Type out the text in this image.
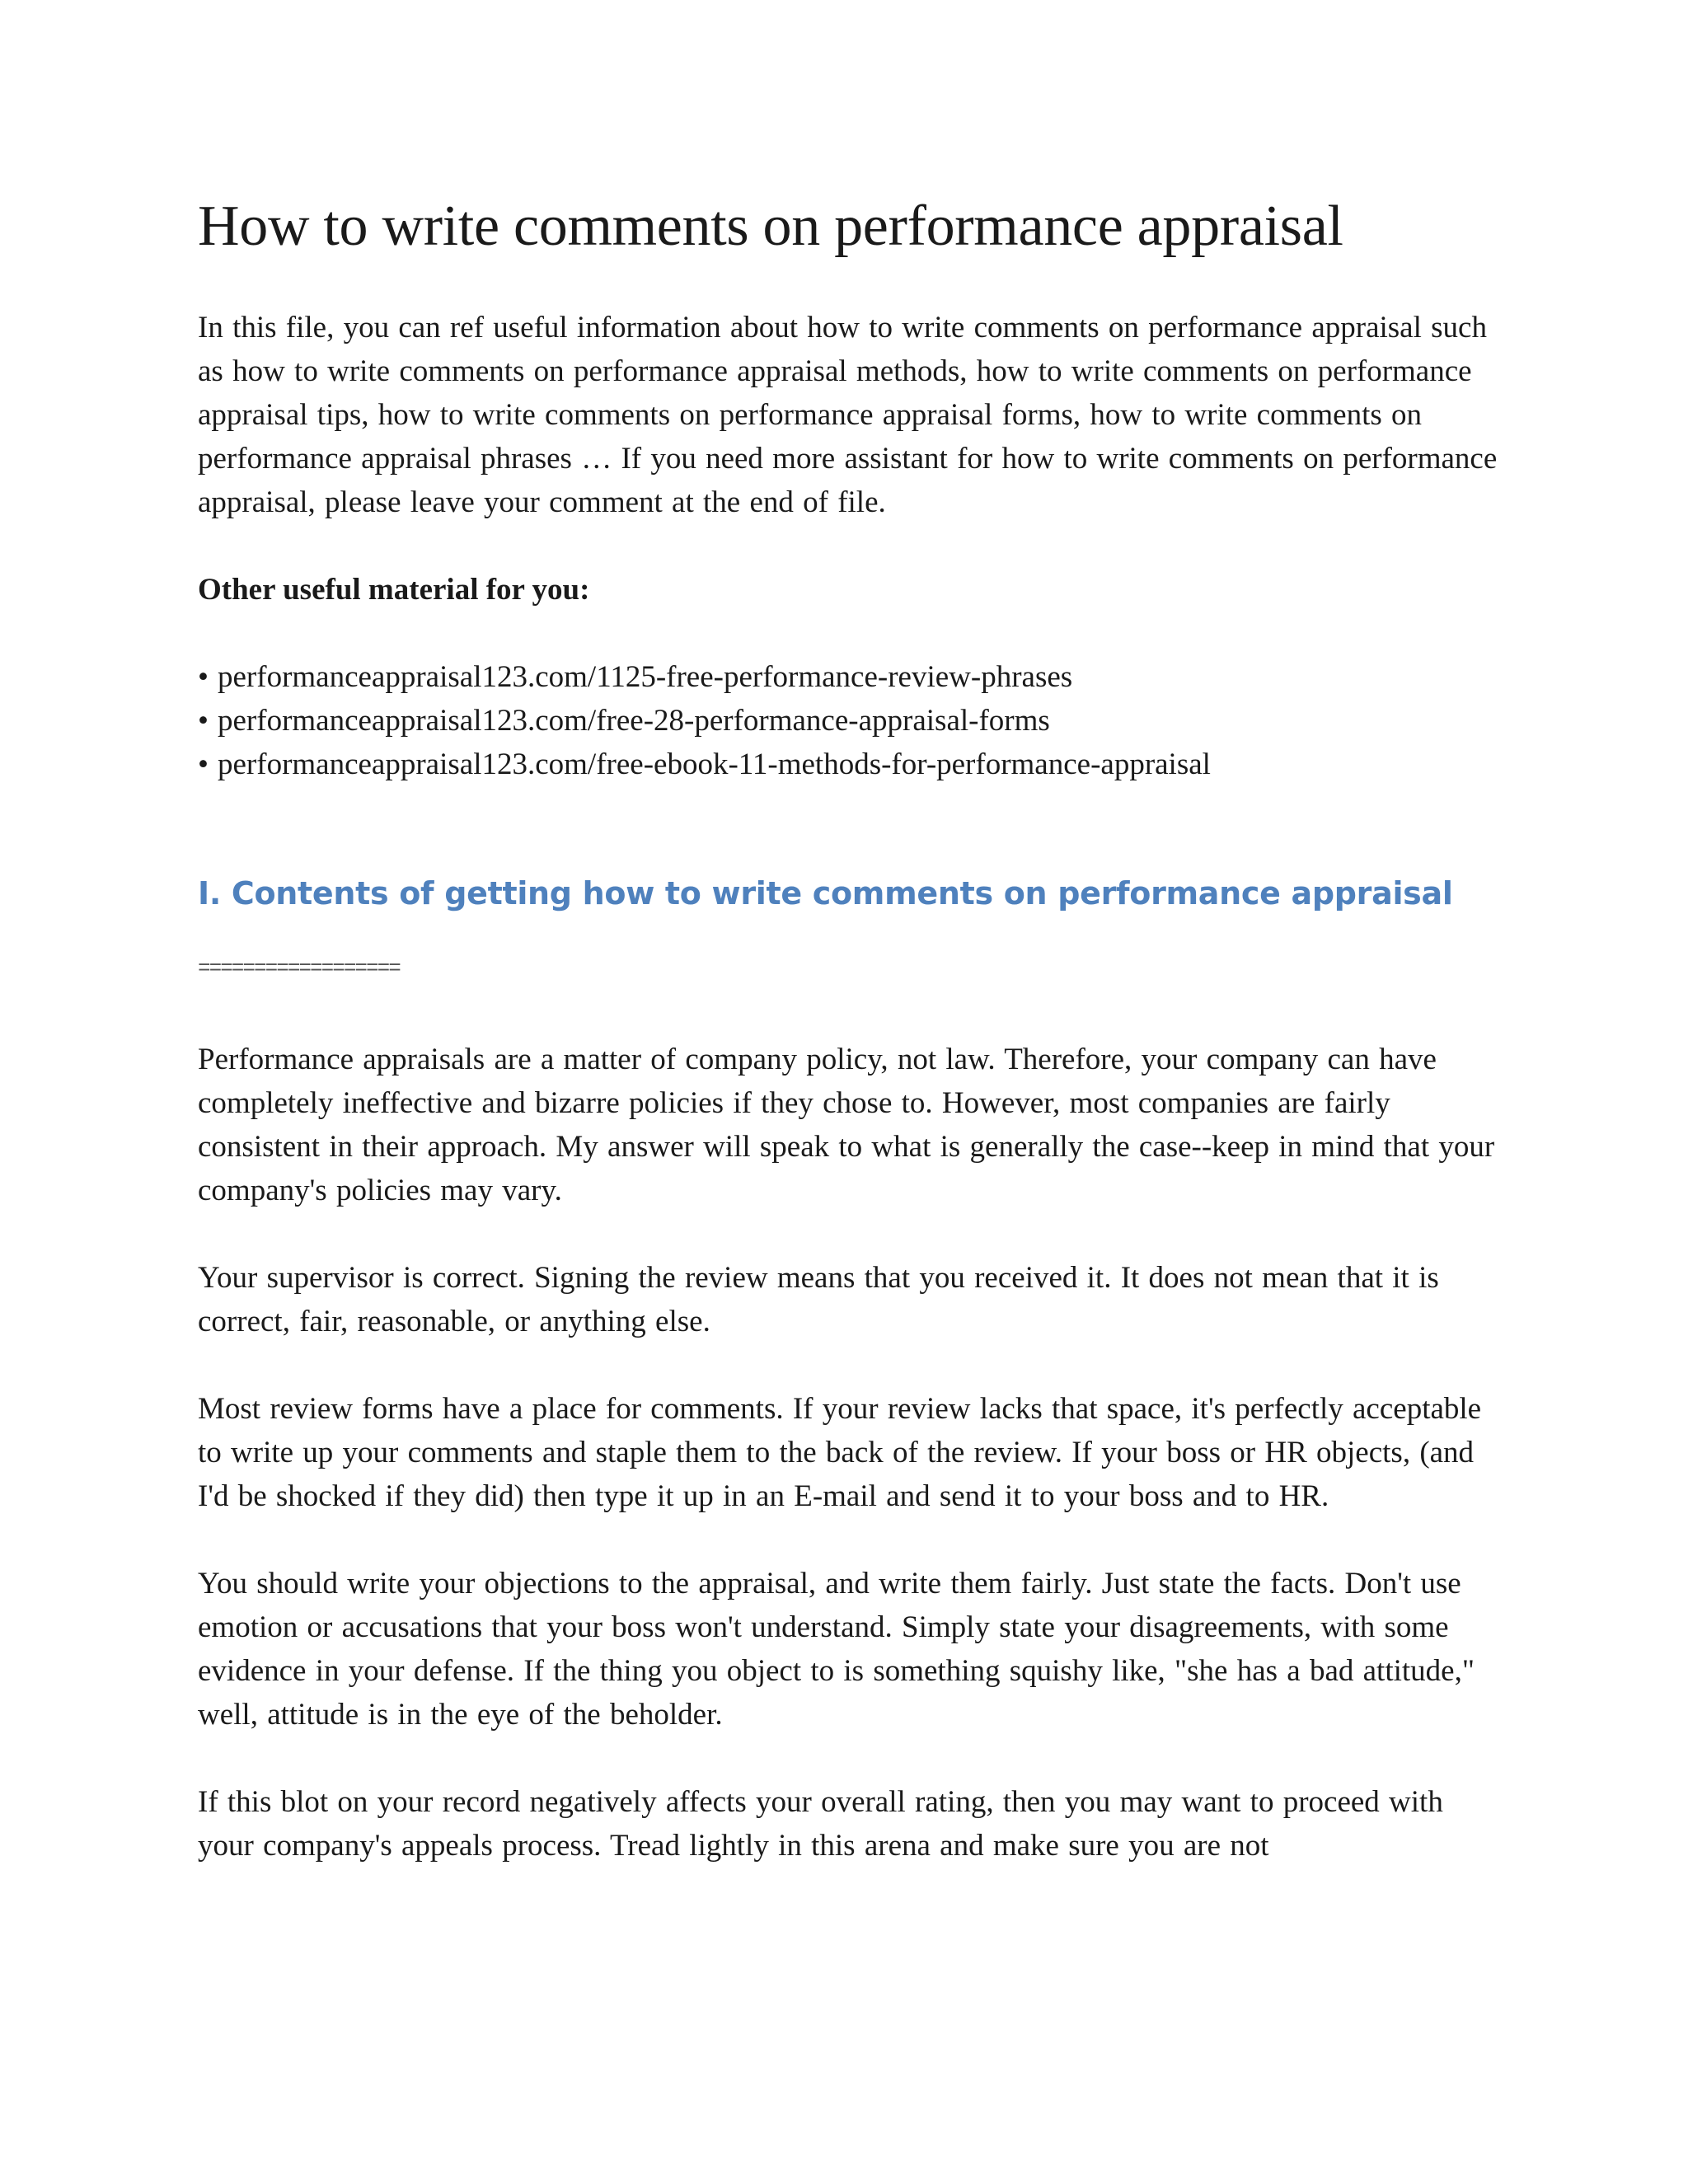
How to write comments on performance appraisal

In this file, you can ref useful information about how to write comments on performance appraisal such as how to write comments on performance appraisal methods, how to write comments on performance appraisal tips, how to write comments on performance appraisal forms, how to write comments on performance appraisal phrases … If you need more assistant for how to write comments on performance appraisal, please leave your comment at the end of file.

Other useful material for you:

• performanceappraisal123.com/1125-free-performance-review-phrases
• performanceappraisal123.com/free-28-performance-appraisal-forms
• performanceappraisal123.com/free-ebook-11-methods-for-performance-appraisal
I. Contents of getting how to write comments on performance appraisal
==================

Performance appraisals are a matter of company policy, not law. Therefore, your company can have completely ineffective and bizarre policies if they chose to. However, most companies are fairly consistent in their approach. My answer will speak to what is generally the case--keep in mind that your company's policies may vary.

Your supervisor is correct. Signing the review means that you received it. It does not mean that it is correct, fair, reasonable, or anything else.

Most review forms have a place for comments. If your review lacks that space, it's perfectly acceptable to write up your comments and staple them to the back of the review. If your boss or HR objects, (and I'd be shocked if they did) then type it up in an E-mail and send it to your boss and to HR.

You should write your objections to the appraisal, and write them fairly. Just state the facts. Don't use emotion or accusations that your boss won't understand. Simply state your disagreements, with some evidence in your defense. If the thing you object to is something squishy like, "she has a bad attitude," well, attitude is in the eye of the beholder.

If this blot on your record negatively affects your overall rating, then you may want to proceed with your company's appeals process. Tread lightly in this arena and make sure you are not
